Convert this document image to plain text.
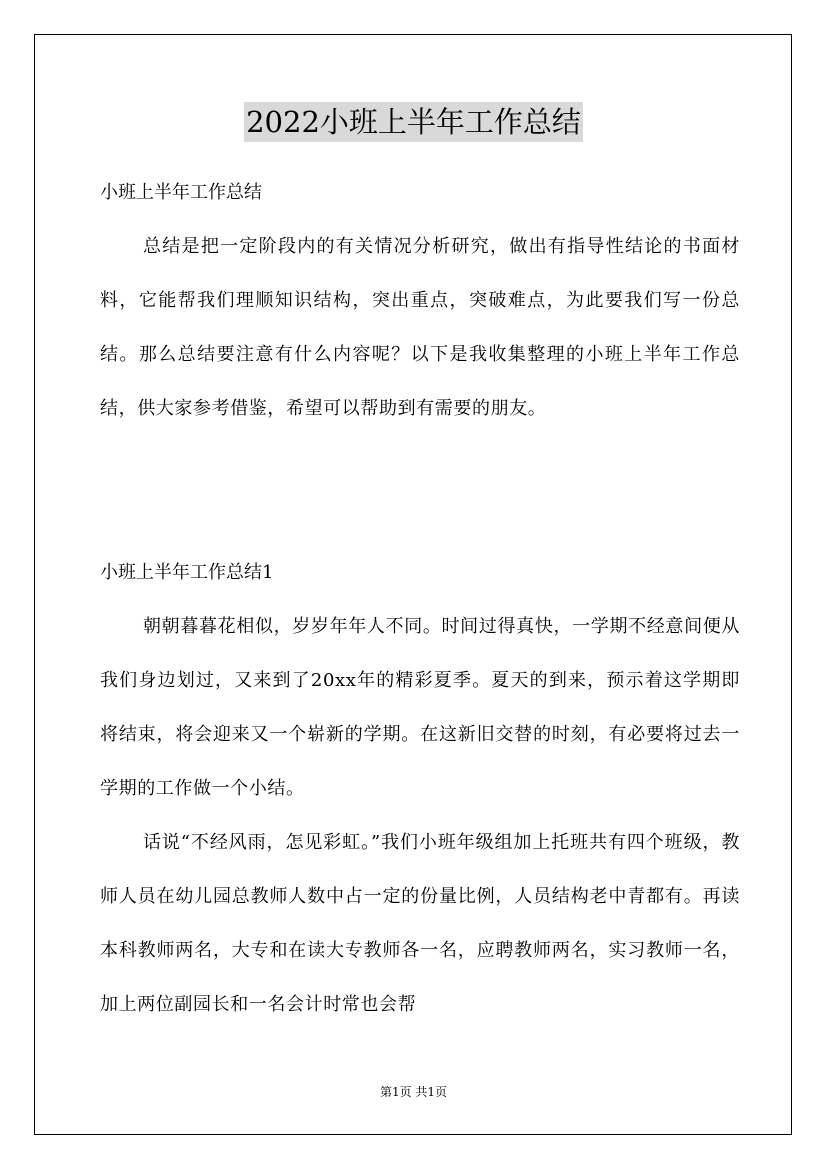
2022小班上半年工作总结
小班上半年工作总结
总结是把一定阶段内的有关情况分析研究，做出有指导性结论的书面材料，它能帮我们理顺知识结构，突出重点，突破难点，为此要我们写一份总结。那么总结要注意有什么内容呢？以下是我收集整理的小班上半年工作总结，供大家参考借鉴，希望可以帮助到有需要的朋友。
小班上半年工作总结1
朝朝暮暮花相似，岁岁年年人不同。时间过得真快，一学期不经意间便从我们身边划过，又来到了20xx年的精彩夏季。夏天的到来，预示着这学期即将结束，将会迎来又一个崭新的学期。在这新旧交替的时刻，有必要将过去一学期的工作做一个小结。
话说“不经风雨，怎见彩虹。”我们小班年级组加上托班共有四个班级，教师人员在幼儿园总教师人数中占一定的份量比例，人员结构老中青都有。再读本科教师两名，大专和在读大专教师各一名，应聘教师两名，实习教师一名，加上两位副园长和一名会计时常也会帮
第1页 共1页
